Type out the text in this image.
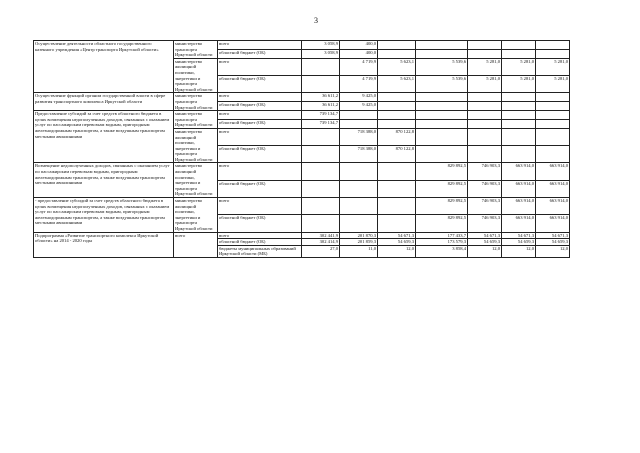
3
Осуществление деятельности областного государственного казенного учреждения «Центр транспорта Иркутской области»	министерство транспорта Иркутской области	всего	3 058,9	400,0					
		областной бюджет (ОБ)	3 058,9	400,0					
	министерство жилищной политики, энергетики и транспорта Иркутской области	всего		4 719,9	5 623,1	5 539,6	5 281,0	5 281,0	5 281,0
		областной бюджет (ОБ)		4 719,9	5 623,1	5 539,6	5 281,0	5 281,0	5 281,0
Осуществление функций органом государственной власти в сфере развития транспортного комплекса Иркутской области	министерство транспорта Иркутской области	всего	36 611,2	9 425,0					
		областной бюджет (ОБ)	36 611,2	9 425,0					
Предоставление субсидий за счет средств областного бюджета в целях возмещения недополученных доходов, связанных с оказанием услуг по пассажирским перевозкам водным, пригородным железнодорожным транспортом, а также воздушным транспортом местными авиалиниями	министерство транспорта Иркутской области	всего	739 134,7						
		областной бюджет (ОБ)	739 134,7						
	министерство жилищной политики, энергетики и транспорта Иркутской области	всего		718 388,0	870 122,8				
		областной бюджет (ОБ)		718 388,0	870 122,8				
Возмещение недополученных доходов, связанных с оказанием услуг по пассажирским перевозкам водным, пригородным железнодорожным транспортом, а также воздушным транспортом местными авиалиниями	министерство жилищной политики, энергетики и транспорта Иркутской области	всего				829 892,5	746 903,3	663 914,0	663 914,0
		областной бюджет (ОБ)				829 892,5	746 903,3	663 914,0	663 914,0
- предоставление субсидий за счет средств областного бюджета в целях возмещения недополученных доходов, связанных с оказанием услуг по пассажирским перевозкам водным, пригородным железнодорожным транспортом, а также воздушным транспортом местными авиалиниями	министерство жилищной политики, энергетики и транспорта Иркутской области	всего				829 892,5	746 903,3	663 914,0	663 914,0
		областной бюджет (ОБ)				829 892,5	746 903,3	663 914,0	663 914,0
Подпрограмма «Развитие транспортного комплекса Иркутской области» на 2014 - 2020 годы	всего	всего	302 441,9	201 870,3	54 671,3	177 433,7	54 671,3	54 671,3	54 671,3
		областной бюджет (ОБ)	302 414,9	201 859,3	54 659,3	173 579,3	54 659,3	54 659,3	54 659,3
		бюджеты муниципальных образований Иркутской области (МБ)	27,0	11,0	12,0	3 858,4	12,0	12,0	12,0
